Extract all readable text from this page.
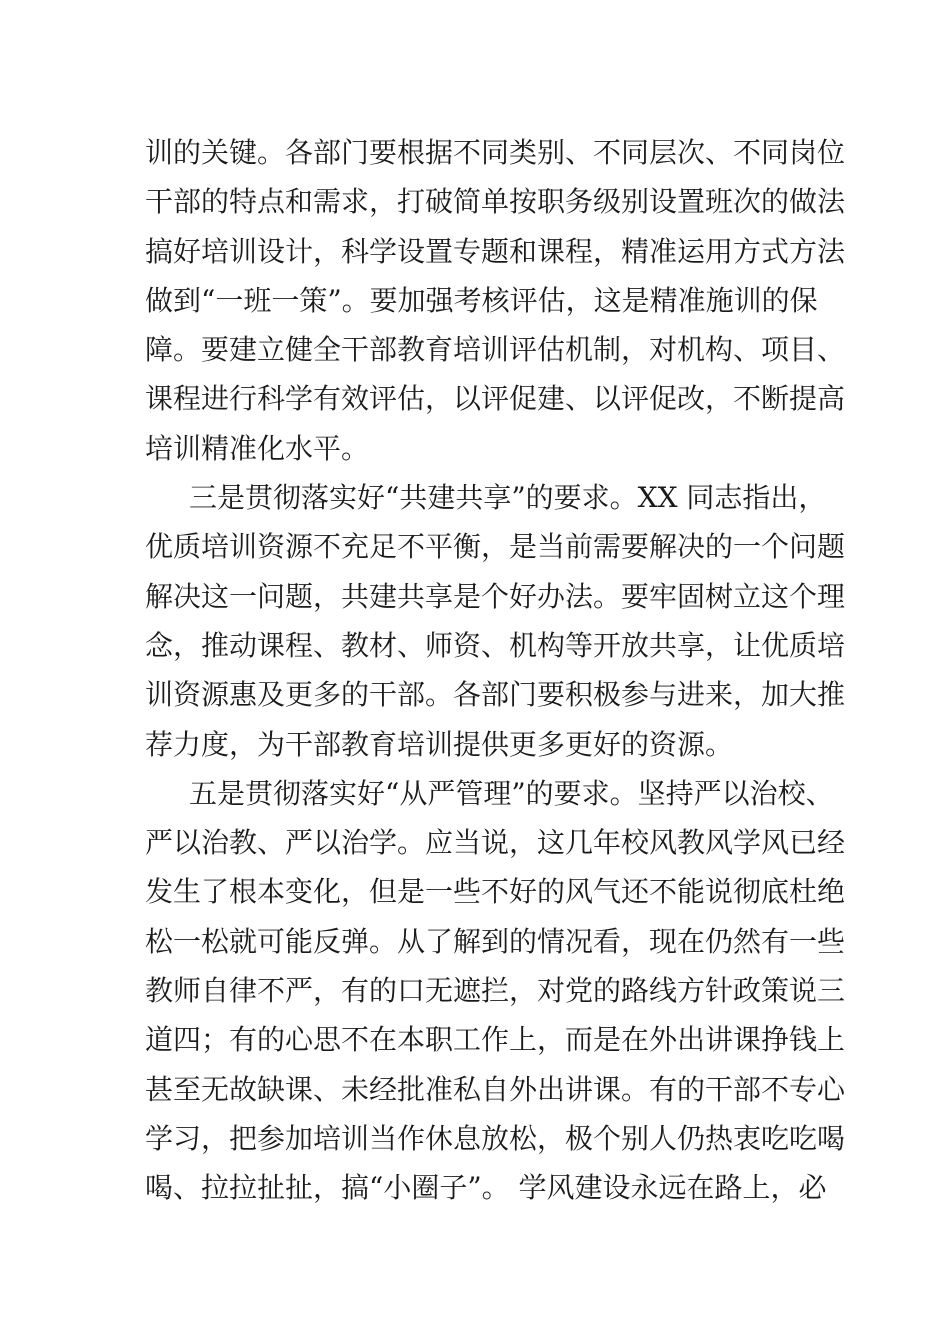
训的关键。各部门要根据不同类别、不同层次、不同岗位
干部的特点和需求，打破简单按职务级别设置班次的做法
搞好培训设计，科学设置专题和课程，精准运用方式方法
做到“一班一策”。要加强考核评估，这是精准施训的保
障。要建立健全干部教育培训评估机制，对机构、项目、
课程进行科学有效评估，以评促建、以评促改，不断提高
培训精准化水平。
三是贯彻落实好“共建共享”的要求。XX 同志指出，
优质培训资源不充足不平衡，是当前需要解决的一个问题
解决这一问题，共建共享是个好办法。要牢固树立这个理
念，推动课程、教材、师资、机构等开放共享，让优质培
训资源惠及更多的干部。各部门要积极参与进来，加大推
荐力度，为干部教育培训提供更多更好的资源。
五是贯彻落实好“从严管理”的要求。坚持严以治校、
严以治教、严以治学。应当说，这几年校风教风学风已经
发生了根本变化，但是一些不好的风气还不能说彻底杜绝
松一松就可能反弹。从了解到的情况看，现在仍然有一些
教师自律不严，有的口无遮拦，对党的路线方针政策说三
道四；有的心思不在本职工作上，而是在外出讲课挣钱上
甚至无故缺课、未经批准私自外出讲课。有的干部不专心
学习，把参加培训当作休息放松，极个别人仍热衷吃吃喝
喝、拉拉扯扯，搞“小圈子”。 学风建设永远在路上，必
